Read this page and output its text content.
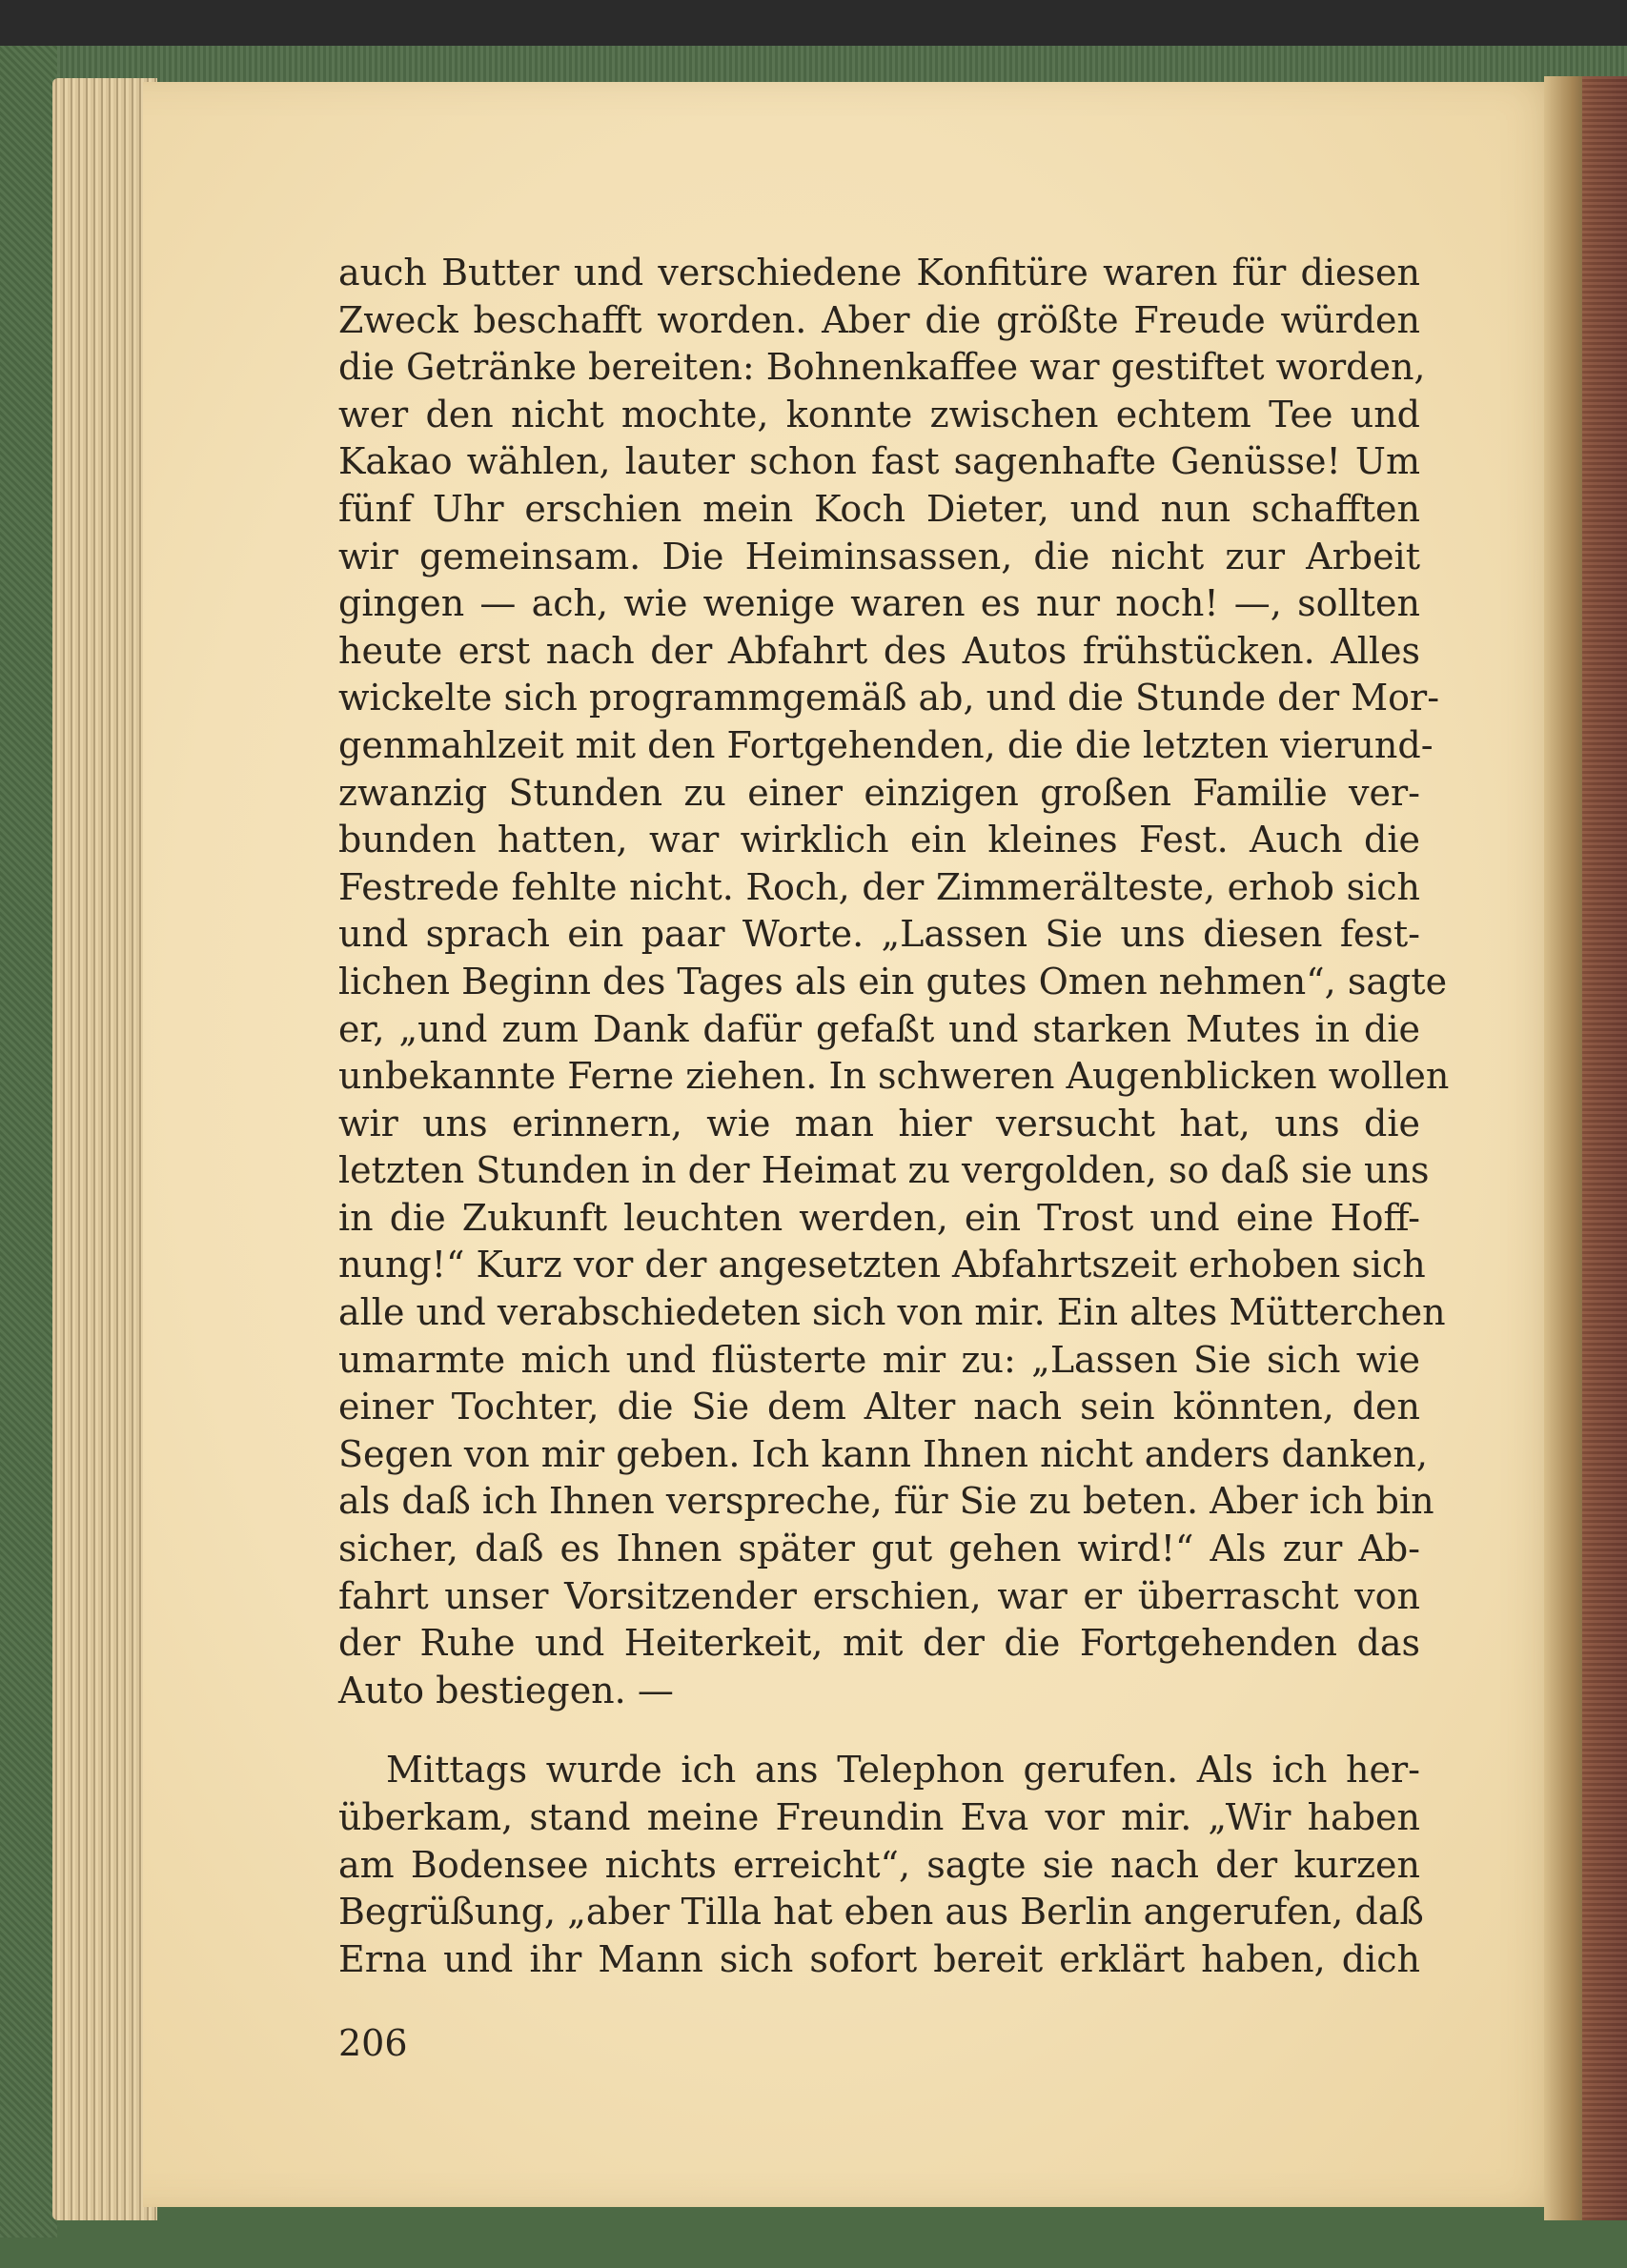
auch Butter und verschiedene Konfitüre waren für diesen
Zweck beschafft worden. Aber die größte Freude würden
die Getränke bereiten: Bohnenkaffee war gestiftet worden,
wer den nicht mochte, konnte zwischen echtem Tee und
Kakao wählen, lauter schon fast sagenhafte Genüsse! Um
fünf Uhr erschien mein Koch Dieter, und nun schafften
wir gemeinsam. Die Heiminsassen, die nicht zur Arbeit
gingen — ach, wie wenige waren es nur noch! —, sollten
heute erst nach der Abfahrt des Autos frühstücken. Alles
wickelte sich programmgemäß ab, und die Stunde der Mor-
genmahlzeit mit den Fortgehenden, die die letzten vierund-
zwanzig Stunden zu einer einzigen großen Familie ver-
bunden hatten, war wirklich ein kleines Fest. Auch die
Festrede fehlte nicht. Roch, der Zimmerälteste, erhob sich
und sprach ein paar Worte. „Lassen Sie uns diesen fest-
lichen Beginn des Tages als ein gutes Omen nehmen“, sagte
er, „und zum Dank dafür gefaßt und starken Mutes in die
unbekannte Ferne ziehen. In schweren Augenblicken wollen
wir uns erinnern, wie man hier versucht hat, uns die
letzten Stunden in der Heimat zu vergolden, so daß sie uns
in die Zukunft leuchten werden, ein Trost und eine Hoff-
nung!“ Kurz vor der angesetzten Abfahrtszeit erhoben sich
alle und verabschiedeten sich von mir. Ein altes Mütterchen
umarmte mich und flüsterte mir zu: „Lassen Sie sich wie
einer Tochter, die Sie dem Alter nach sein könnten, den
Segen von mir geben. Ich kann Ihnen nicht anders danken,
als daß ich Ihnen verspreche, für Sie zu beten. Aber ich bin
sicher, daß es Ihnen später gut gehen wird!“ Als zur Ab-
fahrt unser Vorsitzender erschien, war er überrascht von
der Ruhe und Heiterkeit, mit der die Fortgehenden das
Auto bestiegen. —
Mittags wurde ich ans Telephon gerufen. Als ich her-
überkam, stand meine Freundin Eva vor mir. „Wir haben
am Bodensee nichts erreicht“, sagte sie nach der kurzen
Begrüßung, „aber Tilla hat eben aus Berlin angerufen, daß
Erna und ihr Mann sich sofort bereit erklärt haben, dich
206
